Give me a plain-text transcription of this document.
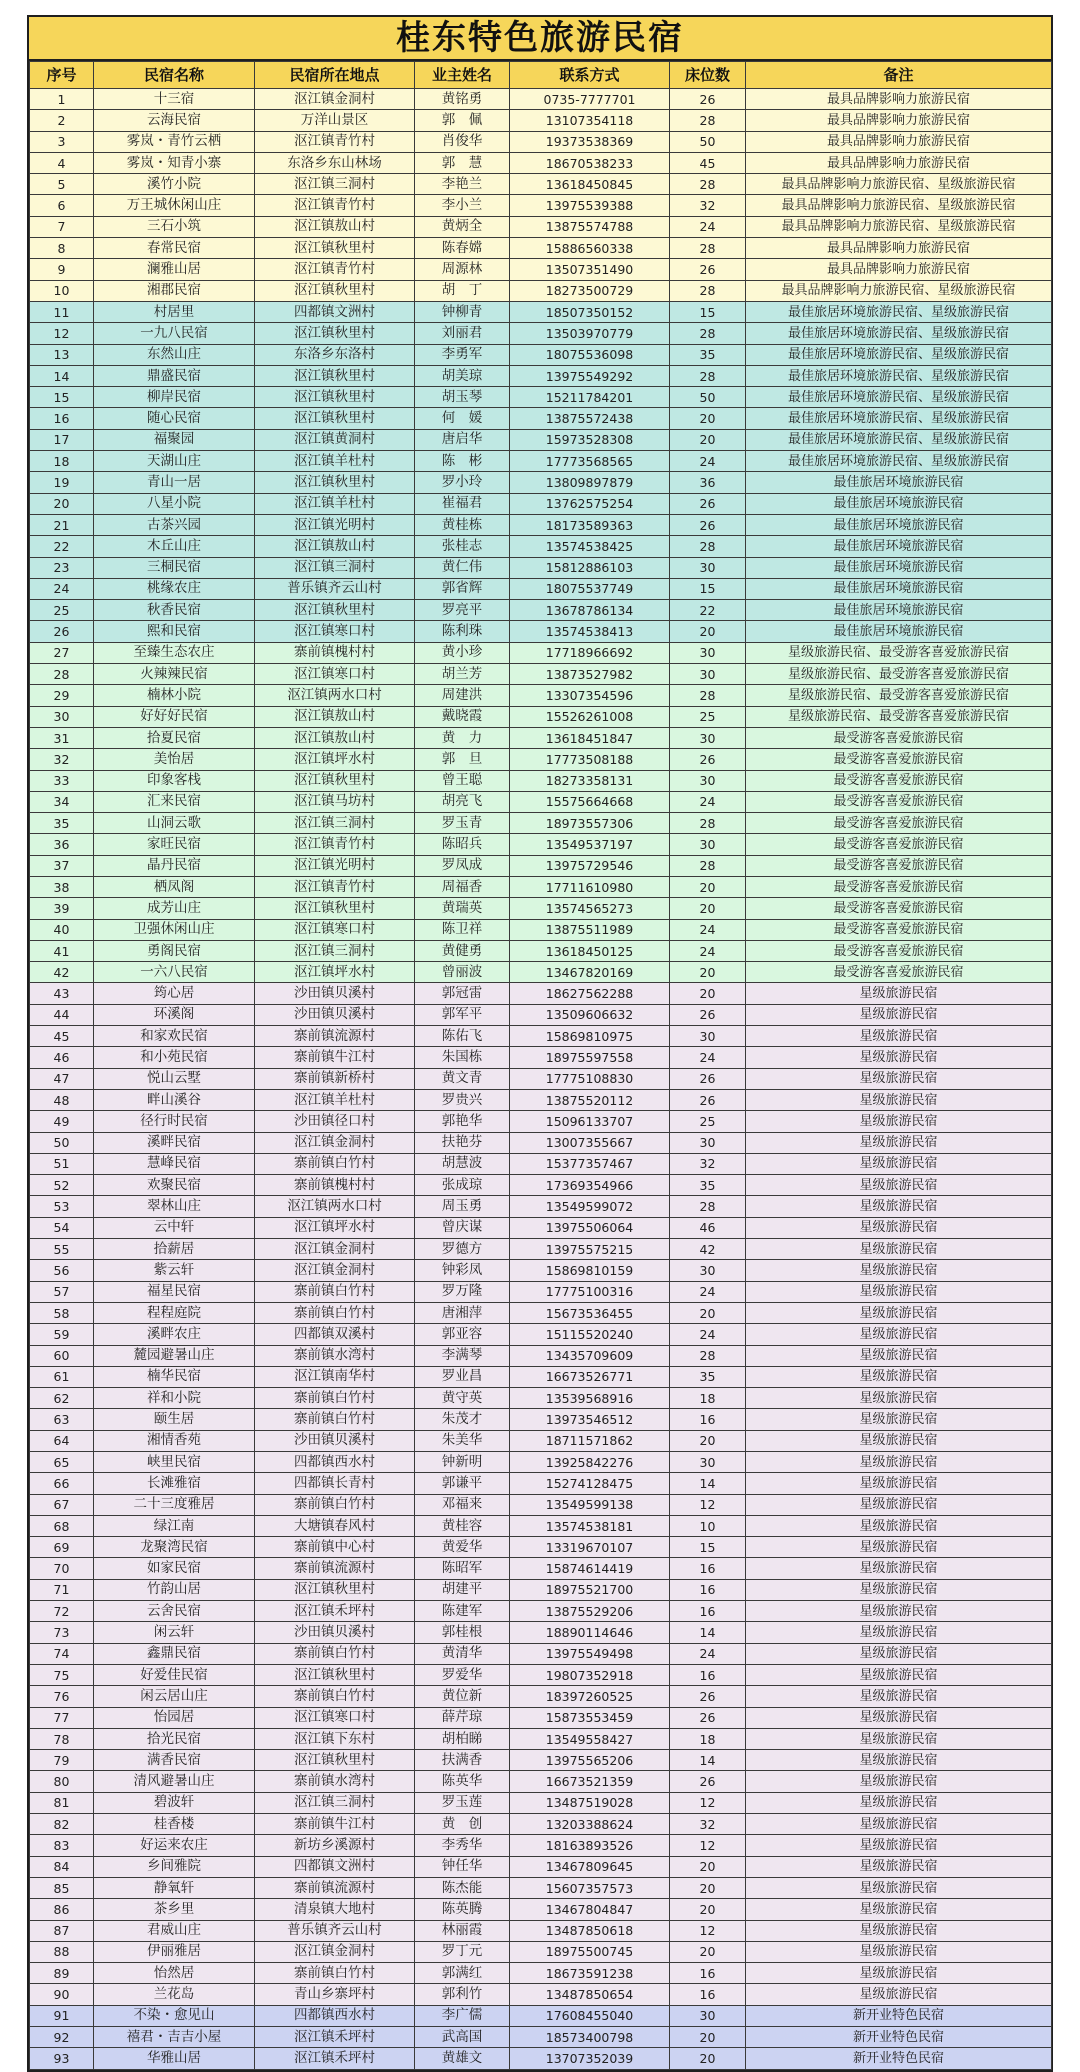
桂东特色旅游民宿
序号	民宿名称	民宿所在地点	业主姓名	联系方式	床位数	备注
1	十三宿	沤江镇金洞村	黄铭勇	0735-7777701	26	最具品牌影响力旅游民宿
2	云海民宿	万洋山景区	郭　佩	13107354118	28	最具品牌影响力旅游民宿
3	雾岚・青竹云栖	沤江镇青竹村	肖俊华	19373538369	50	最具品牌影响力旅游民宿
4	雾岚・知青小寨	东洛乡东山林场	郭　慧	18670538233	45	最具品牌影响力旅游民宿
5	溪竹小院	沤江镇三洞村	李艳兰	13618450845	28	最具品牌影响力旅游民宿、星级旅游民宿
6	万王城休闲山庄	沤江镇青竹村	李小兰	13975539388	32	最具品牌影响力旅游民宿、星级旅游民宿
7	三石小筑	沤江镇敖山村	黄炳全	13875574788	24	最具品牌影响力旅游民宿、星级旅游民宿
8	春常民宿	沤江镇秋里村	陈春嫦	15886560338	28	最具品牌影响力旅游民宿
9	澜雅山居	沤江镇青竹村	周源林	13507351490	26	最具品牌影响力旅游民宿
10	湘郡民宿	沤江镇秋里村	胡　丁	18273500729	28	最具品牌影响力旅游民宿、星级旅游民宿
11	村居里	四都镇文洲村	钟柳青	18507350152	15	最佳旅居环境旅游民宿、星级旅游民宿
12	一九八民宿	沤江镇秋里村	刘丽君	13503970779	28	最佳旅居环境旅游民宿、星级旅游民宿
13	东然山庄	东洛乡东洛村	李勇军	18075536098	35	最佳旅居环境旅游民宿、星级旅游民宿
14	鼎盛民宿	沤江镇秋里村	胡美琼	13975549292	28	最佳旅居环境旅游民宿、星级旅游民宿
15	柳岸民宿	沤江镇秋里村	胡玉琴	15211784201	50	最佳旅居环境旅游民宿、星级旅游民宿
16	随心民宿	沤江镇秋里村	何　媛	13875572438	20	最佳旅居环境旅游民宿、星级旅游民宿
17	福聚园	沤江镇黄洞村	唐启华	15973528308	20	最佳旅居环境旅游民宿、星级旅游民宿
18	天湖山庄	沤江镇羊杜村	陈　彬	17773568565	24	最佳旅居环境旅游民宿、星级旅游民宿
19	青山一居	沤江镇秋里村	罗小玲	13809897879	36	最佳旅居环境旅游民宿
20	八星小院	沤江镇羊杜村	崔福君	13762575254	26	最佳旅居环境旅游民宿
21	古茶兴园	沤江镇光明村	黄桂栋	18173589363	26	最佳旅居环境旅游民宿
22	木丘山庄	沤江镇敖山村	张桂志	13574538425	28	最佳旅居环境旅游民宿
23	三桐民宿	沤江镇三洞村	黄仁伟	15812886103	30	最佳旅居环境旅游民宿
24	桃缘农庄	普乐镇齐云山村	郭省辉	18075537749	15	最佳旅居环境旅游民宿
25	秋香民宿	沤江镇秋里村	罗亮平	13678786134	22	最佳旅居环境旅游民宿
26	熙和民宿	沤江镇寒口村	陈利珠	13574538413	20	最佳旅居环境旅游民宿
27	至臻生态农庄	寨前镇槐村村	黄小珍	17718966692	30	星级旅游民宿、最受游客喜爱旅游民宿
28	火辣辣民宿	沤江镇寒口村	胡兰芳	13873527982	30	星级旅游民宿、最受游客喜爱旅游民宿
29	楠林小院	沤江镇两水口村	周建洪	13307354596	28	星级旅游民宿、最受游客喜爱旅游民宿
30	好好好民宿	沤江镇敖山村	戴晓霞	15526261008	25	星级旅游民宿、最受游客喜爱旅游民宿
31	拾夏民宿	沤江镇敖山村	黄　力	13618451847	30	最受游客喜爱旅游民宿
32	美怡居	沤江镇坪水村	郭　旦	17773508188	26	最受游客喜爱旅游民宿
33	印象客栈	沤江镇秋里村	曾王聪	18273358131	30	最受游客喜爱旅游民宿
34	汇来民宿	沤江镇马坊村	胡亮飞	15575664668	24	最受游客喜爱旅游民宿
35	山洞云歌	沤江镇三洞村	罗玉青	18973557306	28	最受游客喜爱旅游民宿
36	家旺民宿	沤江镇青竹村	陈昭兵	13549537197	30	最受游客喜爱旅游民宿
37	晶丹民宿	沤江镇光明村	罗凤成	13975729546	28	最受游客喜爱旅游民宿
38	栖凤阁	沤江镇青竹村	周福香	17711610980	20	最受游客喜爱旅游民宿
39	成芳山庄	沤江镇秋里村	黄瑞英	13574565273	20	最受游客喜爱旅游民宿
40	卫强休闲山庄	沤江镇寒口村	陈卫祥	13875511989	24	最受游客喜爱旅游民宿
41	勇阁民宿	沤江镇三洞村	黄健勇	13618450125	24	最受游客喜爱旅游民宿
42	一六八民宿	沤江镇坪水村	曾丽波	13467820169	20	最受游客喜爱旅游民宿
43	筠心居	沙田镇贝溪村	郭冠雷	18627562288	20	星级旅游民宿
44	环溪阁	沙田镇贝溪村	郭军平	13509606632	26	星级旅游民宿
45	和家欢民宿	寨前镇流源村	陈佑飞	15869810975	30	星级旅游民宿
46	和小苑民宿	寨前镇牛江村	朱国栋	18975597558	24	星级旅游民宿
47	悦山云墅	寨前镇新桥村	黄文青	17775108830	26	星级旅游民宿
48	畔山溪谷	沤江镇羊杜村	罗贵兴	13875520112	26	星级旅游民宿
49	径行时民宿	沙田镇径口村	郭艳华	15096133707	25	星级旅游民宿
50	溪畔民宿	沤江镇金洞村	扶艳芬	13007355667	30	星级旅游民宿
51	慧峰民宿	寨前镇白竹村	胡慧波	15377357467	32	星级旅游民宿
52	欢聚民宿	寨前镇槐村村	张成琼	17369354966	35	星级旅游民宿
53	翠林山庄	沤江镇两水口村	周玉勇	13549599072	28	星级旅游民宿
54	云中轩	沤江镇坪水村	曾庆谋	13975506064	46	星级旅游民宿
55	拾薪居	沤江镇金洞村	罗德方	13975575215	42	星级旅游民宿
56	紫云轩	沤江镇金洞村	钟彩凤	15869810159	30	星级旅游民宿
57	福星民宿	寨前镇白竹村	罗万隆	17775100316	24	星级旅游民宿
58	程程庭院	寨前镇白竹村	唐湘萍	15673536455	20	星级旅游民宿
59	溪畔农庄	四都镇双溪村	郭亚容	15115520240	24	星级旅游民宿
60	麓园避暑山庄	寨前镇水湾村	李满琴	13435709609	28	星级旅游民宿
61	楠华民宿	沤江镇南华村	罗业昌	16673526771	35	星级旅游民宿
62	祥和小院	寨前镇白竹村	黄守英	13539568916	18	星级旅游民宿
63	颐生居	寨前镇白竹村	朱茂才	13973546512	16	星级旅游民宿
64	湘情香苑	沙田镇贝溪村	朱美华	18711571862	20	星级旅游民宿
65	峡里民宿	四都镇西水村	钟新明	13925842276	30	星级旅游民宿
66	长滩雅宿	四都镇长青村	郭谦平	15274128475	14	星级旅游民宿
67	二十三度雅居	寨前镇白竹村	邓福来	13549599138	12	星级旅游民宿
68	绿江南	大塘镇春风村	黄桂容	13574538181	10	星级旅游民宿
69	龙聚湾民宿	寨前镇中心村	黄爱华	13319670107	15	星级旅游民宿
70	如家民宿	寨前镇流源村	陈昭军	15874614419	16	星级旅游民宿
71	竹韵山居	沤江镇秋里村	胡建平	18975521700	16	星级旅游民宿
72	云舍民宿	沤江镇禾坪村	陈建军	13875529206	16	星级旅游民宿
73	闲云轩	沙田镇贝溪村	郭桂根	18890114646	14	星级旅游民宿
74	鑫鼎民宿	寨前镇白竹村	黄清华	13975549498	24	星级旅游民宿
75	好爱佳民宿	沤江镇秋里村	罗爱华	19807352918	16	星级旅游民宿
76	闲云居山庄	寨前镇白竹村	黄位新	18397260525	26	星级旅游民宿
77	怡园居	沤江镇寒口村	薛芹琼	15873553459	26	星级旅游民宿
78	拾光民宿	沤江镇下东村	胡柏睇	13549558427	18	星级旅游民宿
79	满香民宿	沤江镇秋里村	扶满香	13975565206	14	星级旅游民宿
80	清风避暑山庄	寨前镇水湾村	陈英华	16673521359	26	星级旅游民宿
81	碧波轩	沤江镇三洞村	罗玉莲	13487519028	12	星级旅游民宿
82	桂香楼	寨前镇牛江村	黄　创	13203388624	32	星级旅游民宿
83	好运来农庄	新坊乡溪源村	李秀华	18163893526	12	星级旅游民宿
84	乡间雅院	四都镇文洲村	钟任华	13467809645	20	星级旅游民宿
85	静氧轩	寨前镇流源村	陈杰能	15607357573	20	星级旅游民宿
86	茶乡里	清泉镇大地村	陈英腾	13467804847	20	星级旅游民宿
87	君威山庄	普乐镇齐云山村	林丽霞	13487850618	12	星级旅游民宿
88	伊丽雅居	沤江镇金洞村	罗丁元	18975500745	20	星级旅游民宿
89	怡然居	寨前镇白竹村	郭满红	18673591238	16	星级旅游民宿
90	兰花岛	青山乡寨坪村	郭利竹	13487850654	16	星级旅游民宿
91	不染・愈见山	四都镇西水村	李广儒	17608455040	30	新开业特色民宿
92	禧君・吉吉小屋	沤江镇禾坪村	武高国	18573400798	20	新开业特色民宿
93	华雅山居	沤江镇禾坪村	黄雄文	13707352039	20	新开业特色民宿
